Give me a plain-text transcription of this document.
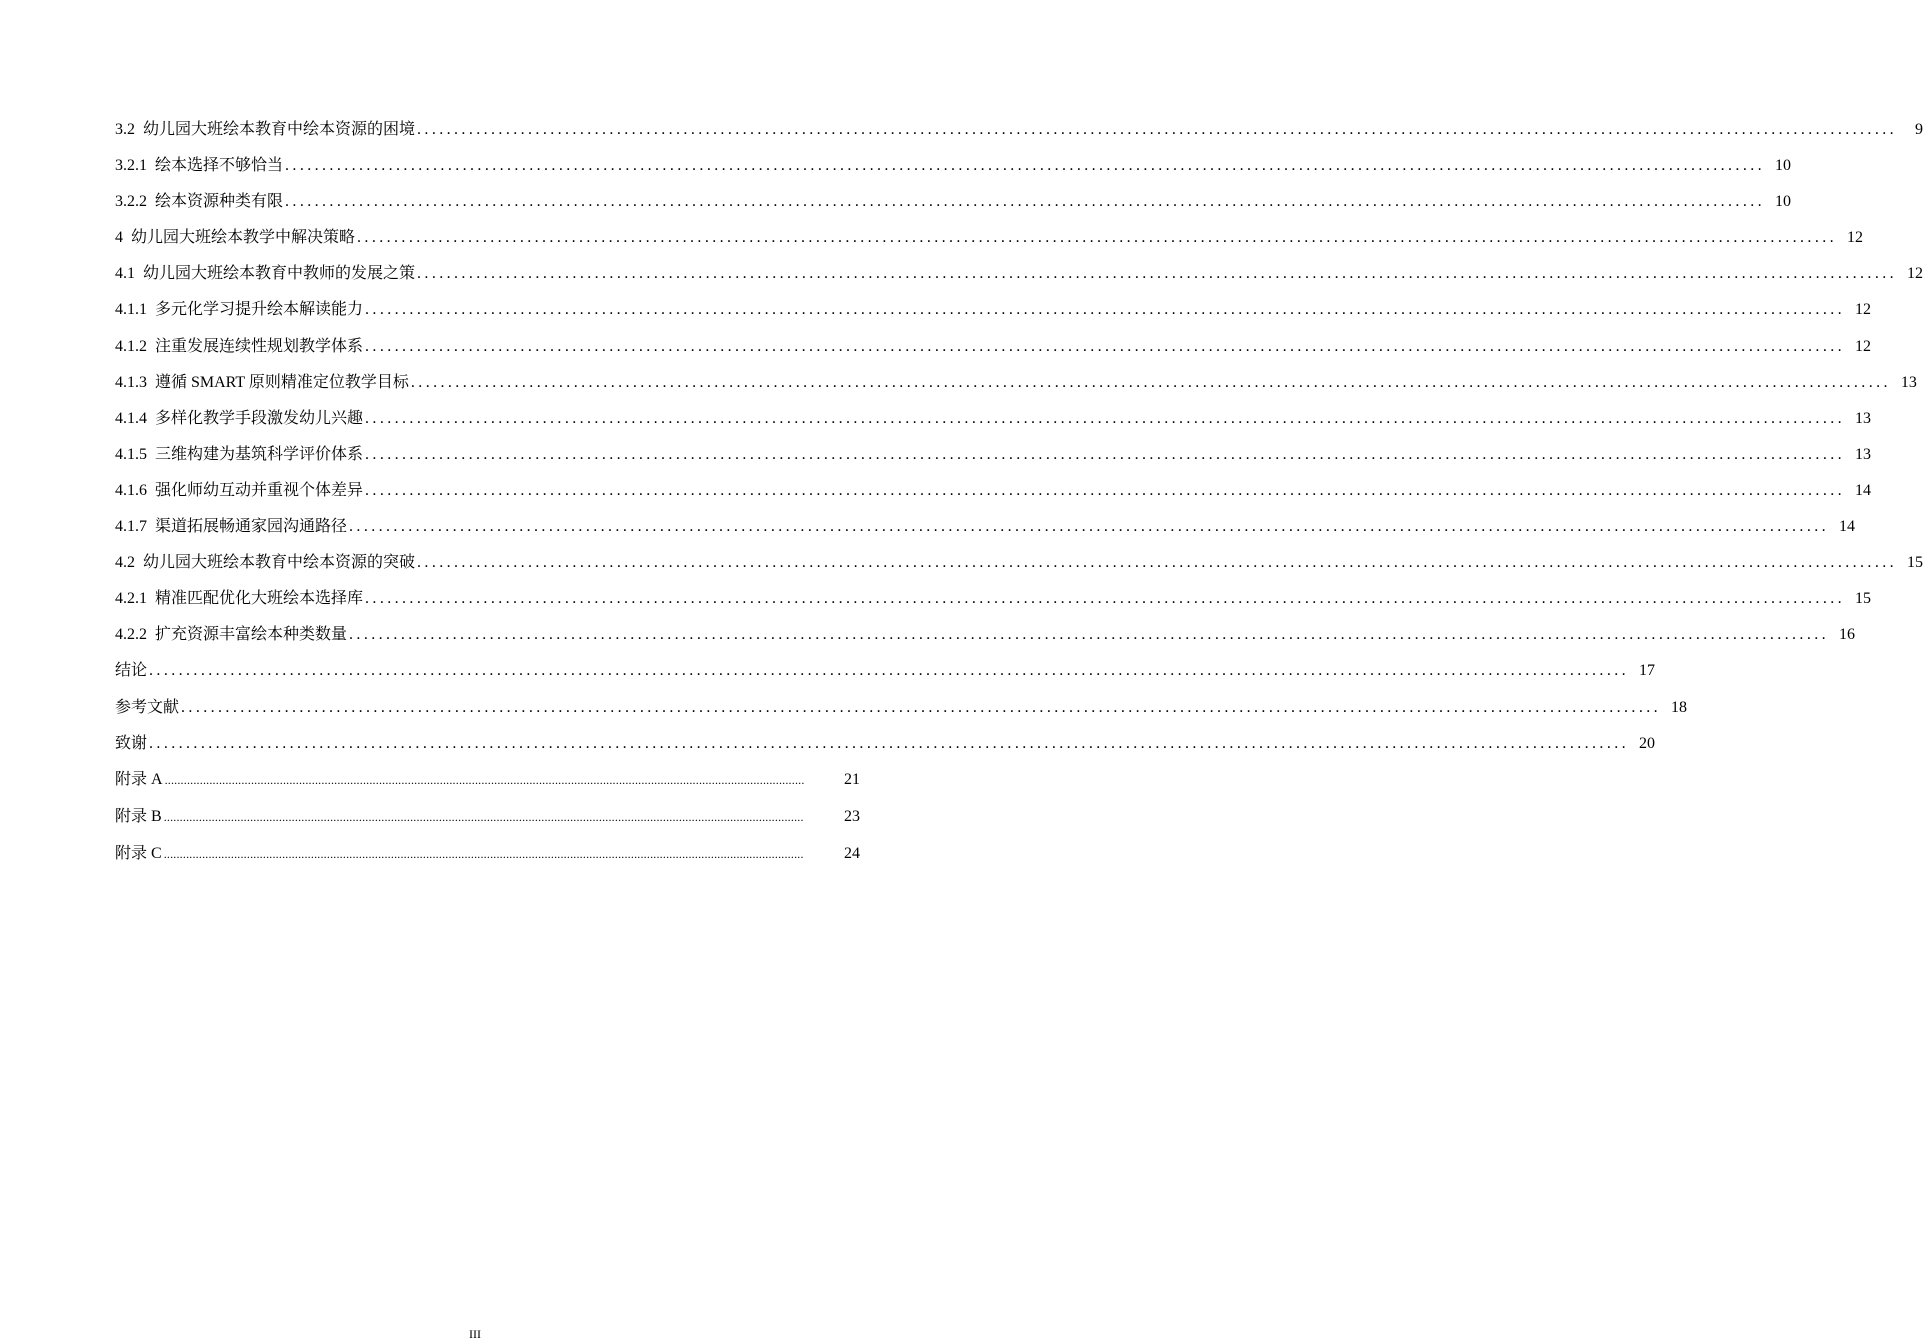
3.2 幼儿园大班绘本教育中绘本资源的困境 ........................................................................................................................................................................................................	9
3.2.1 绘本选择不够恰当 ........................................................................................................................................................................................................ 10
3.2.2 绘本资源种类有限 ........................................................................................................................................................................................................ 10
4 幼儿园大班绘本教学中解决策略 ........................................................................................................................................................................................................ 12
4.1 幼儿园大班绘本教育中教师的发展之策 ........................................................................................................................................................................................................ 12
4.1.1 多元化学习提升绘本解读能力 ........................................................................................................................................................................................................ 12
4.1.2 注重发展连续性规划教学体系 ........................................................................................................................................................................................................ 12
4.1.3 遵循 SMART 原则精准定位教学目标 ........................................................................................................................................................................................................ 13
4.1.4 多样化教学手段激发幼儿兴趣 ........................................................................................................................................................................................................ 13
4.1.5 三维构建为基筑科学评价体系 ........................................................................................................................................................................................................ 13
4.1.6 强化师幼互动并重视个体差异 ........................................................................................................................................................................................................ 14
4.1.7 渠道拓展畅通家园沟通路径 ........................................................................................................................................................................................................ 14
4.2 幼儿园大班绘本教育中绘本资源的突破 ........................................................................................................................................................................................................ 15
4.2.1 精准匹配优化大班绘本选择库 ........................................................................................................................................................................................................ 15
4.2.2 扩充资源丰富绘本种类数量 ........................................................................................................................................................................................................ 16
结论 ........................................................................................................................................................................................................ 17
参考文献 ........................................................................................................................................................................................................ 18
致谢 ........................................................................................................................................................................................................ 20
附录 A ........................................................................................................................................................................................................	21
附录 B ........................................................................................................................................................................................................	23
附录 C ........................................................................................................................................................................................................	24
III
